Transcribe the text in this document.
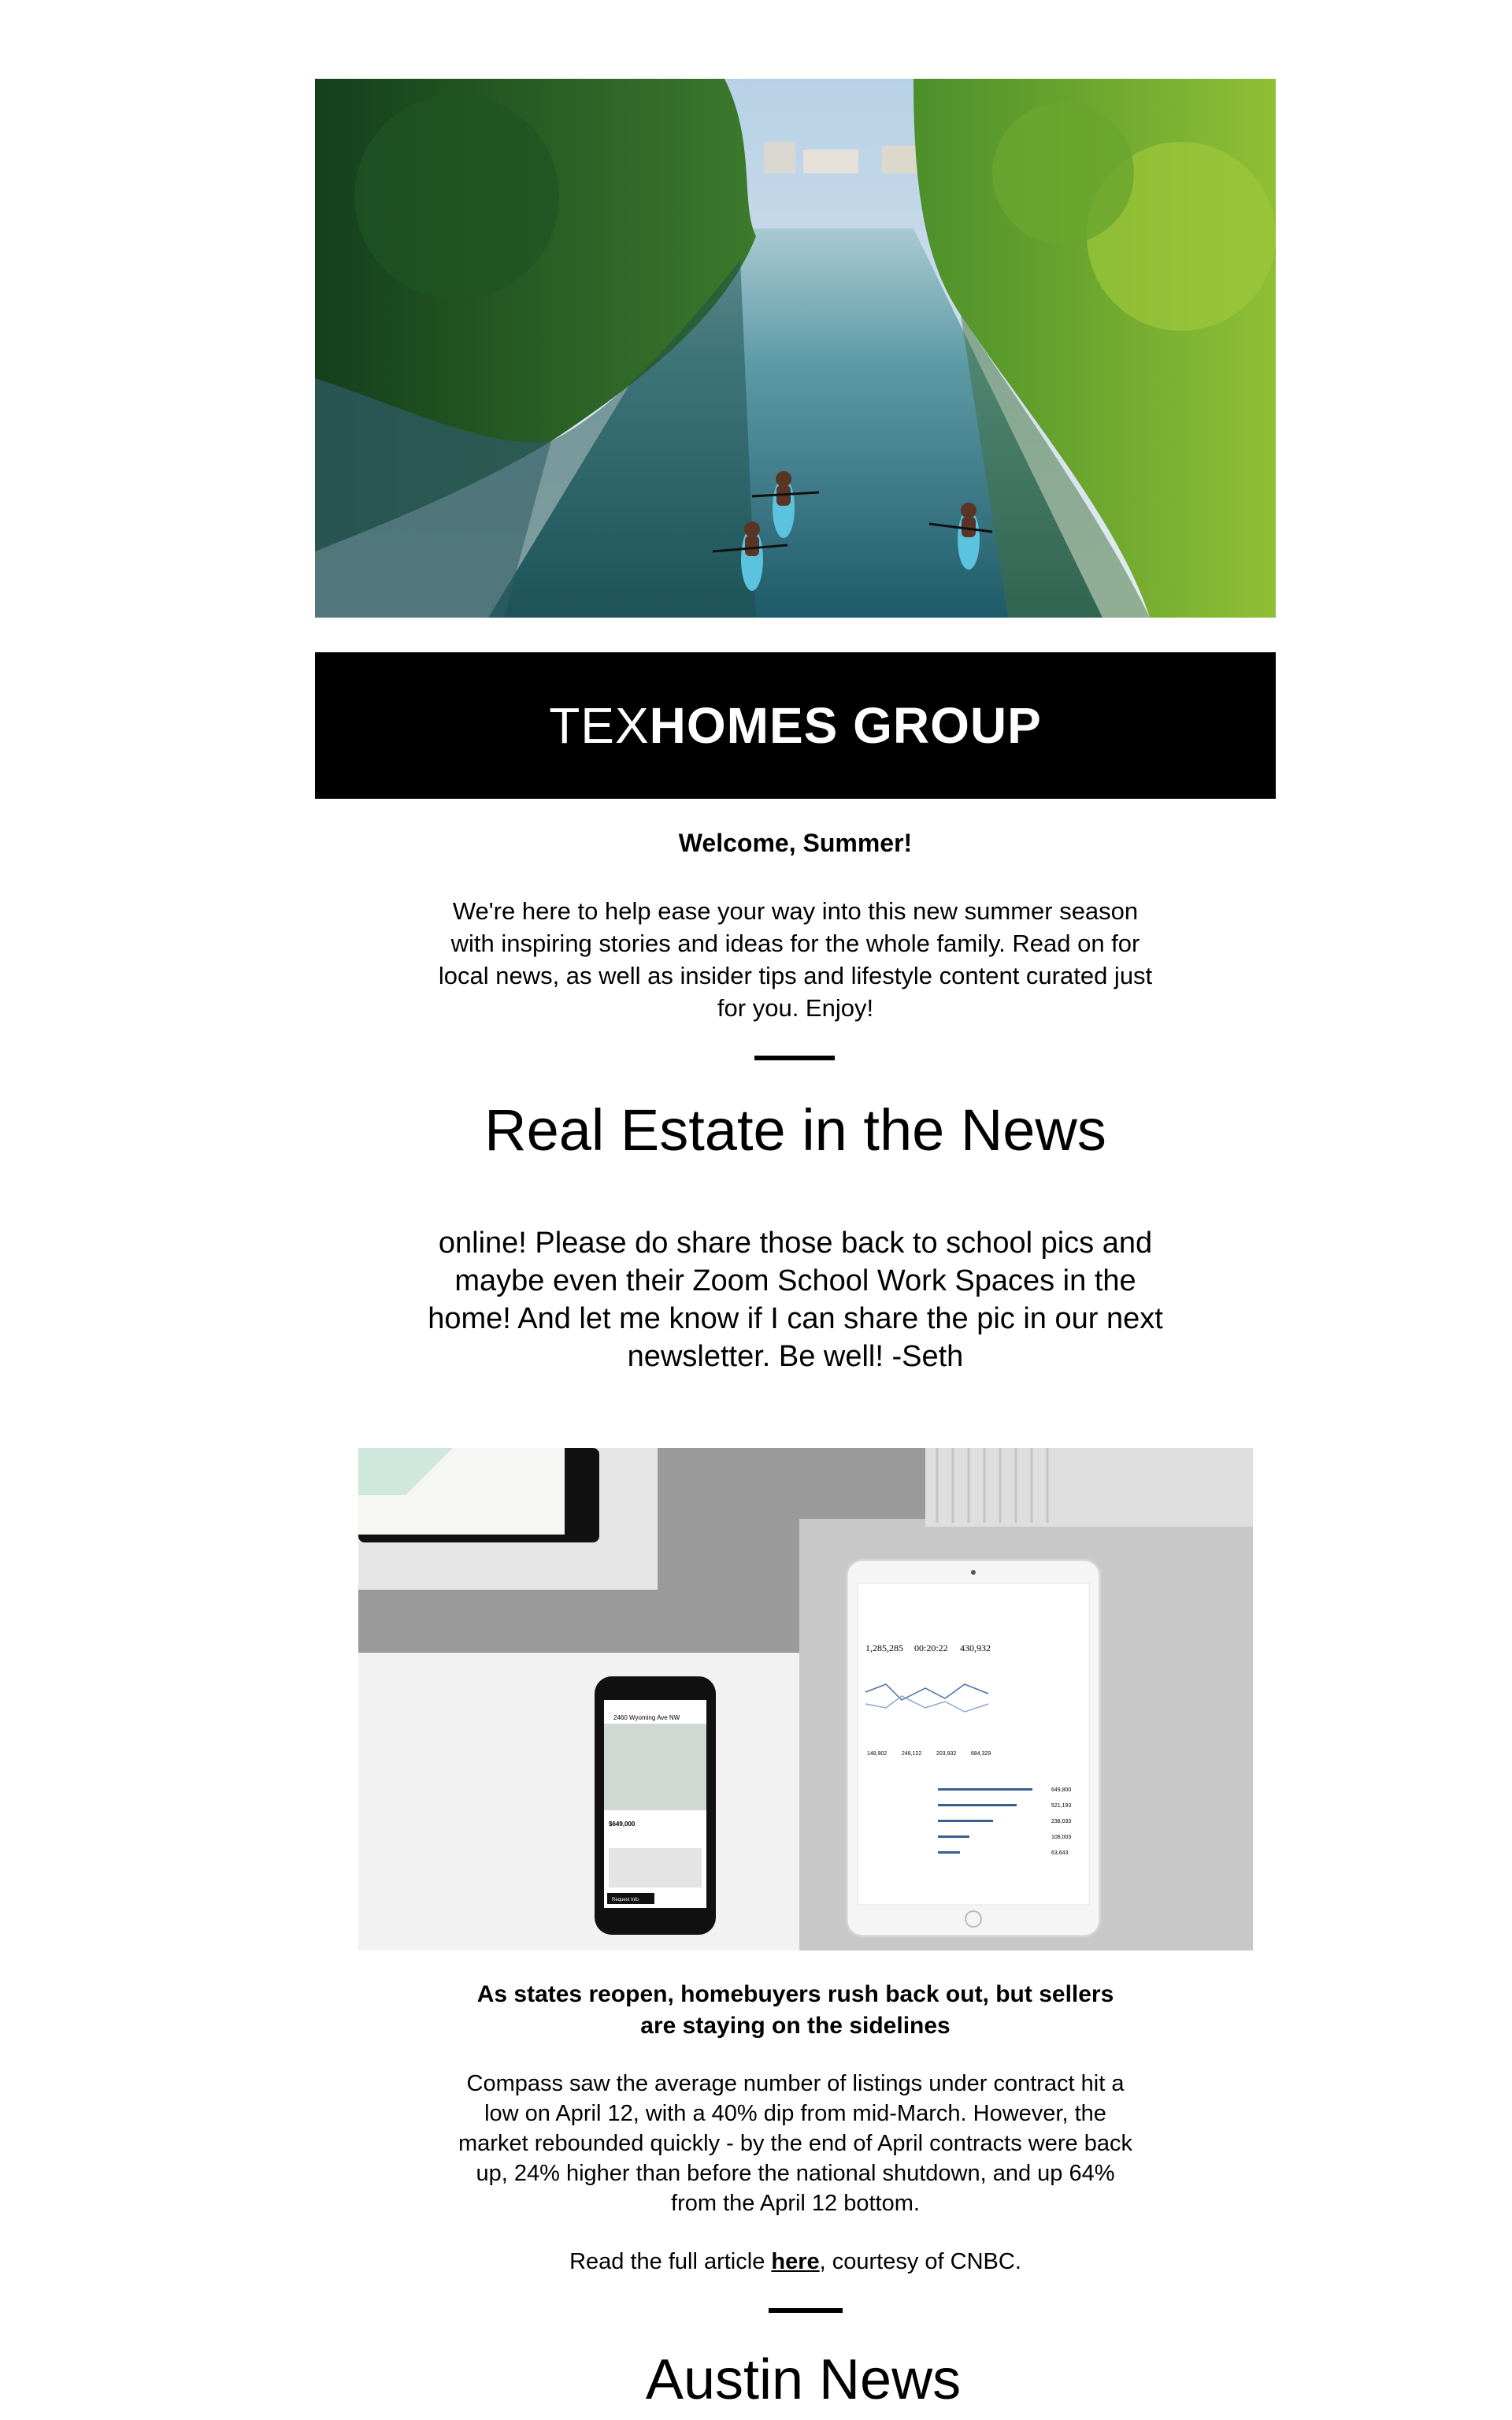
TEXHOMES GROUP
Welcome, Summer!
We're here to help ease your way into this new summer season with inspiring stories and ideas for the whole family. Read on for local news, as well as insider tips and lifestyle content curated just for you. Enjoy!
Real Estate in the News
online! Please do share those back to school pics and maybe even their Zoom School Work Spaces in the home! And let me know if I can share the pic in our next newsletter. Be well! -Seth
2460 Wyoming Ave NW
$649,000
Request Info
1,285,285 00:20:22 430,932
148,902	248,122	203,932	684,329
649,800
521,193
238,033
108,003
63,643
As states reopen, homebuyers rush back out, but sellers are staying on the sidelines
Compass saw the average number of listings under contract hit a low on April 12, with a 40% dip from mid-March. However, the market rebounded quickly - by the end of April contracts were back up, 24% higher than before the national shutdown, and up 64% from the April 12 bottom.
Read the full article here, courtesy of CNBC.
Austin News
